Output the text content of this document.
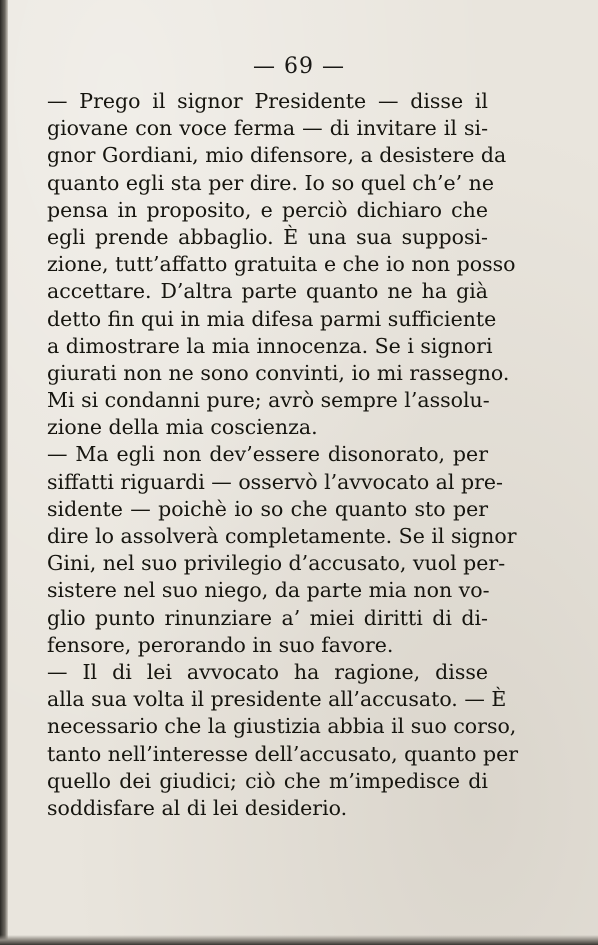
— 69 —
— Prego il signor Presidente — disse il
giovane con voce ferma — di invitare il si-
gnor Gordiani, mio difensore, a desistere da
quanto egli sta per dire. Io so quel ch’e’ ne
pensa in proposito, e perciò dichiaro che
egli prende abbaglio. È una sua supposi-
zione, tutt’affatto gratuita e che io non posso
accettare. D’altra parte quanto ne ha già
detto fin qui in mia difesa parmi sufficiente
a dimostrare la mia innocenza. Se i signori
giurati non ne sono convinti, io mi rassegno.
Mi si condanni pure; avrò sempre l’assolu-
zione della mia coscienza.
— Ma egli non dev’essere disonorato, per
siffatti riguardi — osservò l’avvocato al pre-
sidente — poichè io so che quanto sto per
dire lo assolverà completamente. Se il signor
Gini, nel suo privilegio d’accusato, vuol per-
sistere nel suo niego, da parte mia non vo-
glio punto rinunziare a’ miei diritti di di-
fensore, perorando in suo favore.
— Il di lei avvocato ha ragione, disse
alla sua volta il presidente all’accusato. — È
necessario che la giustizia abbia il suo corso,
tanto nell’interesse dell’accusato, quanto per
quello dei giudici; ciò che m’impedisce di
soddisfare al di lei desiderio.
